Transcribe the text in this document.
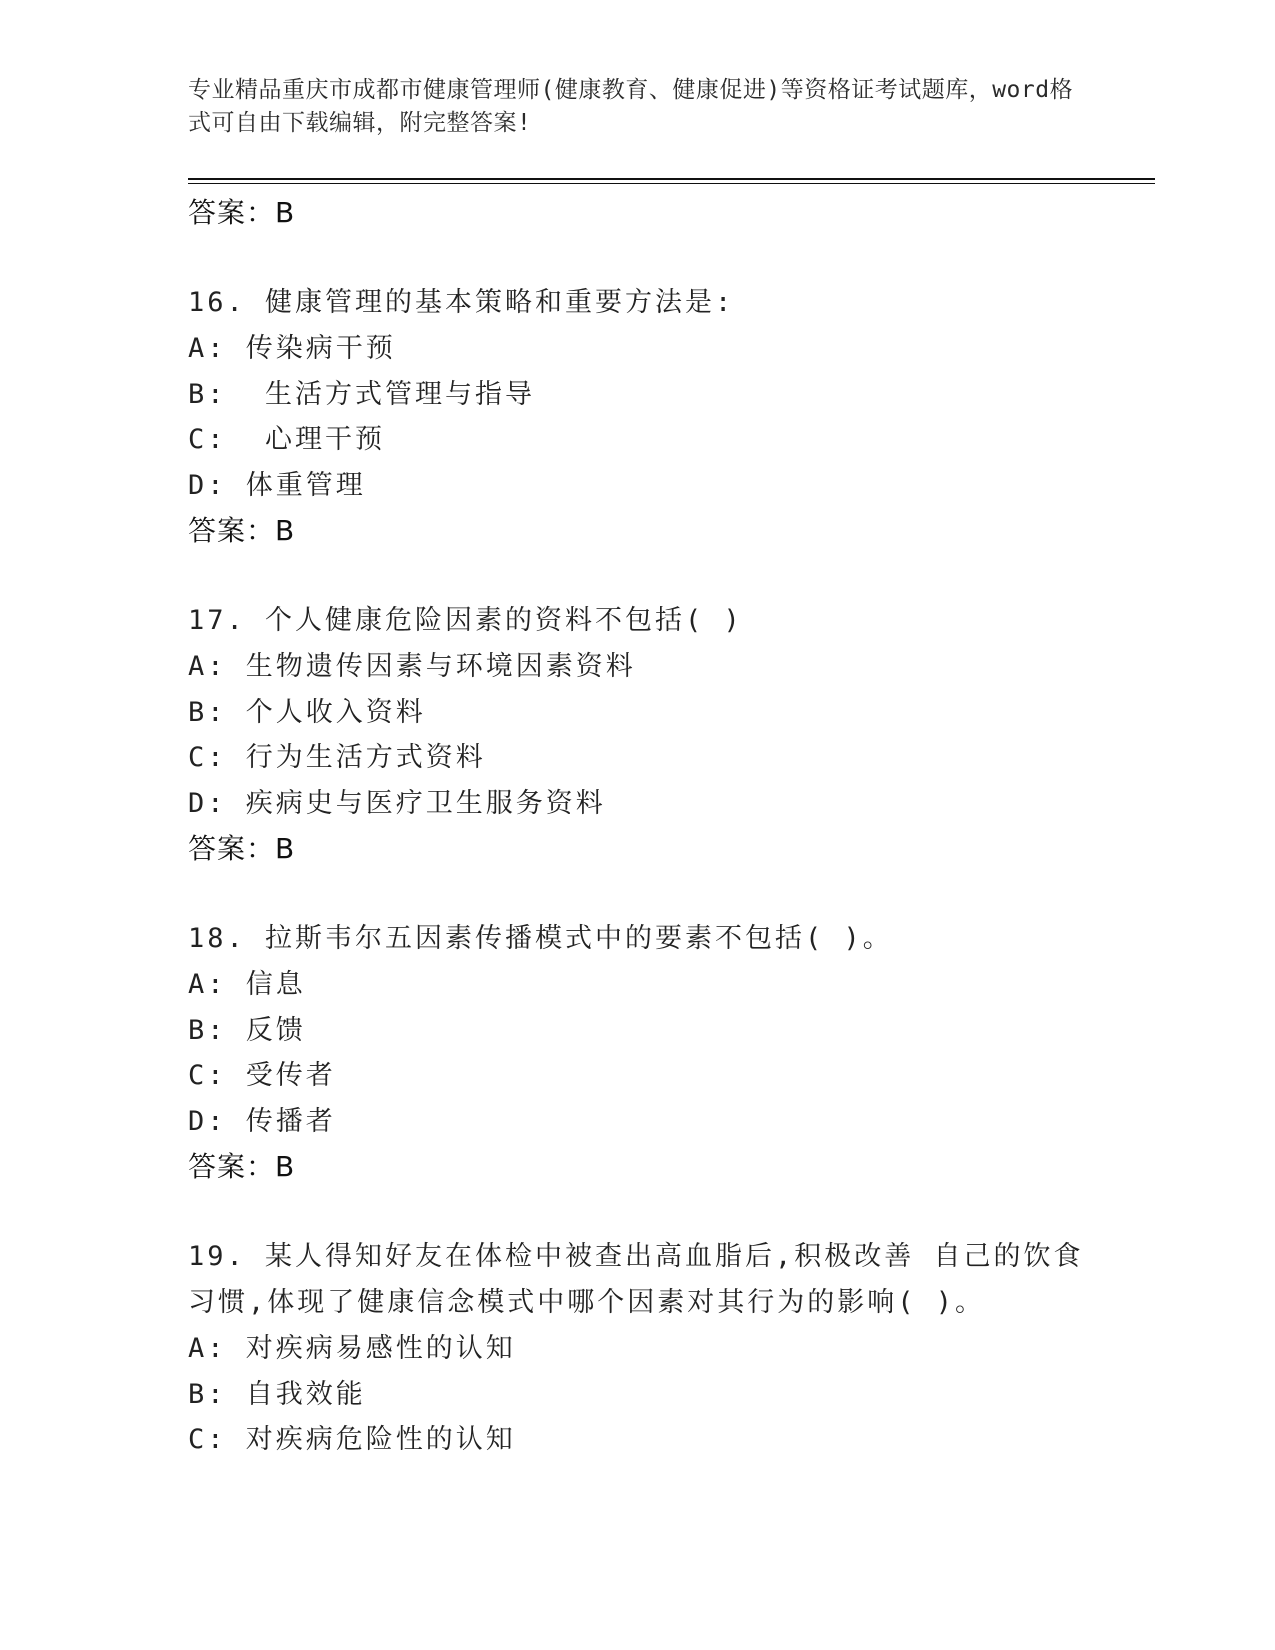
专业精品重庆市成都市健康管理师(健康教育、健康促进)等资格证考试题库，word格式可自由下载编辑，附完整答案!
答案：B
16. 健康管理的基本策略和重要方法是:
A: 传染病干预
B:  生活方式管理与指导
C:  心理干预
D: 体重管理
答案：B
17. 个人健康危险因素的资料不包括( )
A: 生物遗传因素与环境因素资料
B: 个人收入资料
C: 行为生活方式资料
D: 疾病史与医疗卫生服务资料
答案：B
18. 拉斯韦尔五因素传播模式中的要素不包括( )。
A: 信息
B: 反馈
C: 受传者
D: 传播者
答案：B
19. 某人得知好友在体检中被查出高血脂后,积极改善 自己的饮食习惯,体现了健康信念模式中哪个因素对其行为的影响( )。
A: 对疾病易感性的认知
B: 自我效能
C: 对疾病危险性的认知
